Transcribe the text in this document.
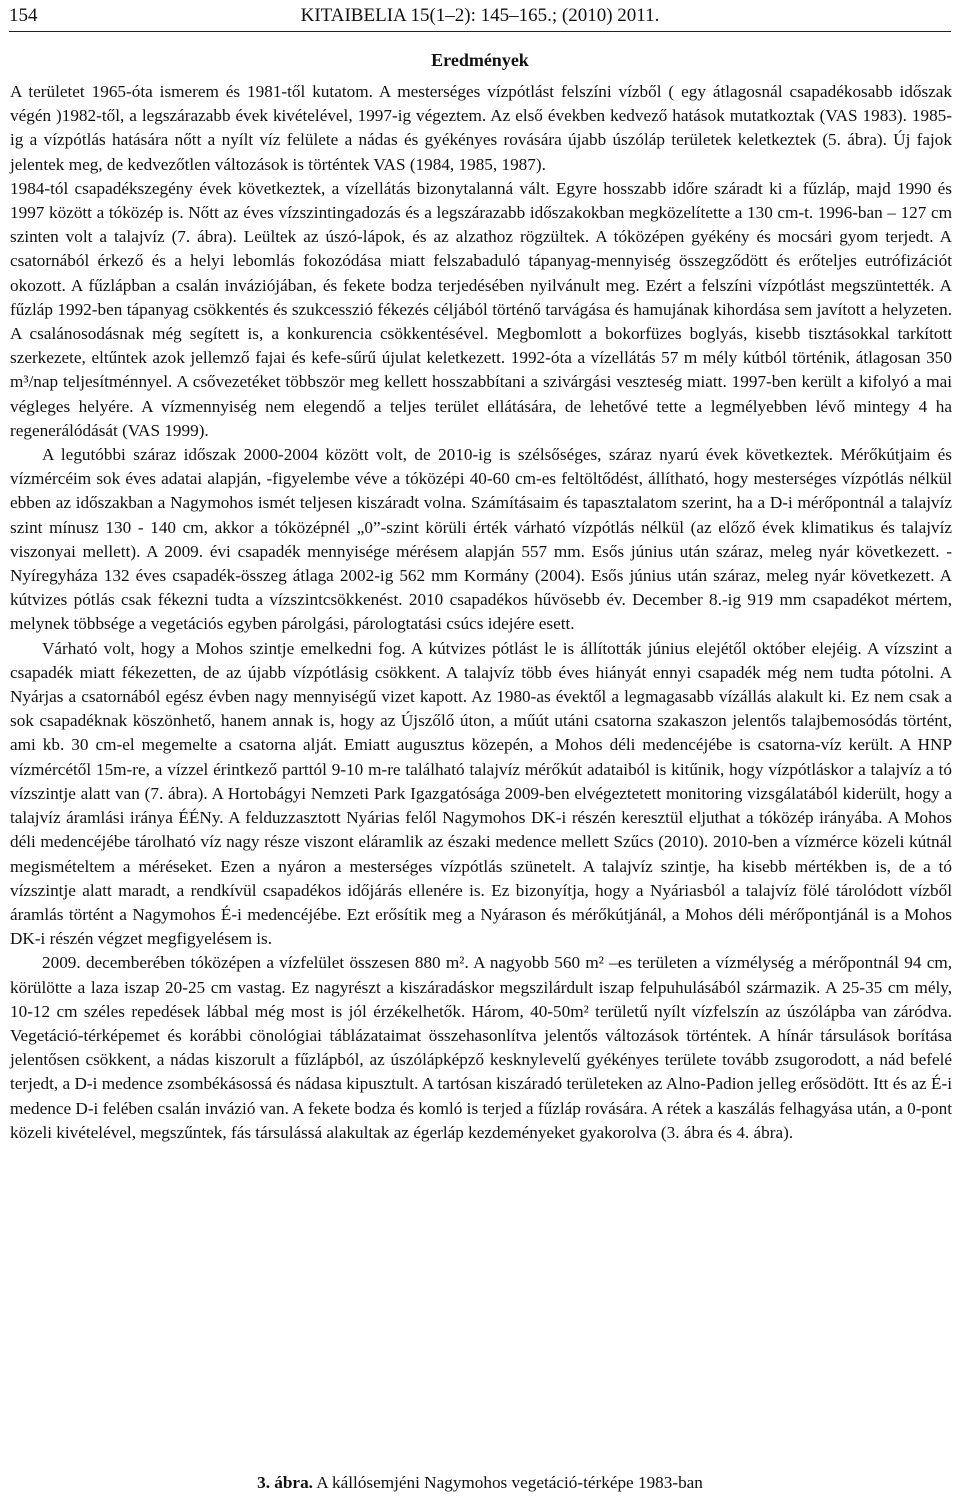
154	KITAIBELIA 15(1–2): 145–165.; (2010) 2011.
Eredmények

A területet 1965-óta ismerem és 1981-től kutatom. A mesterséges vízpótlást felszíni vízből ( egy átlagosnál csapadékosabb időszak végén )1982-től, a legszárazabb évek kivételével, 1997-ig végeztem. Az első években kedvező hatások mutatkoztak (VAS 1983). 1985-ig a vízpótlás hatására nőtt a nyílt víz felülete a nádas és gyékényes rovására újabb úszóláp területek keletkeztek (5. ábra). Új fajok jelentek meg, de kedvezőtlen változások is történtek VAS (1984, 1985, 1987).

1984-tól csapadékszegény évek következtek, a vízellátás bizonytalanná vált. Egyre hosszabb időre száradt ki a fűzláp, majd 1990 és 1997 között a tóközép is. Nőtt az éves vízszintingadozás és a legszárazabb időszakokban megközelítette a 130 cm-t. 1996-ban – 127 cm szinten volt a talajvíz (7. ábra). Leültek az úszó-lápok, és az alzathoz rögzültek. A tóközépen gyékény és mocsári gyom terjedt. A csatornából érkező és a helyi lebomlás fokozódása miatt felszabaduló tápanyag-mennyiség összegződött és erőteljes eutrófizációt okozott. A fűzlápban a csalán inváziójában, és fekete bodza terjedésében nyilvánult meg. Ezért a felszíni vízpótlást megszüntették. A fűzláp 1992-ben tápanyag csökkentés és szukcesszió fékezés céljából történő tarvágása és hamujának kihordása sem javított a helyzeten. A csalánosodásnak még segített is, a konkurencia csökkentésével. Megbomlott a bokorfüzes boglyás, kisebb tisztásokkal tarkított szerkezete, eltűntek azok jellemző fajai és kefe-sűrű újulat keletkezett. 1992-óta a vízellátás 57 m mély kútból történik, átlagosan 350 m³/nap teljesítménnyel. A csővezetéket többször meg kellett hosszabbítani a szivárgási veszteség miatt. 1997-ben került a kifolyó a mai végleges helyére. A vízmennyiség nem elegendő a teljes terület ellátására, de lehetővé tette a legmélyebben lévő mintegy 4 ha regenerálódását (VAS 1999).

A legutóbbi száraz időszak 2000-2004 között volt, de 2010-ig is szélsőséges, száraz nyarú évek következtek. Mérőkútjaim és vízmércéim sok éves adatai alapján, -figyelembe véve a tóközépi 40-60 cm-es feltöltődést, állítható, hogy mesterséges vízpótlás nélkül ebben az időszakban a Nagymohos ismét teljesen kiszáradt volna. Számításaim és tapasztalatom szerint, ha a D-i mérőpontnál a talajvíz szint mínusz 130 - 140 cm, akkor a tóközépnél „0”-szint körüli érték várható vízpótlás nélkül (az előző évek klimatikus és talajvíz viszonyai mellett). A 2009. évi csapadék mennyisége mérésem alapján 557 mm. Esős június után száraz, meleg nyár következett. - Nyíregyháza 132 éves csapadék-összeg átlaga 2002-ig 562 mm Kormány (2004). Esős június után száraz, meleg nyár következett. A kútvizes pótlás csak fékezni tudta a vízszintcsökkenést. 2010 csapadékos hűvösebb év. December 8.-ig 919 mm csapadékot mértem, melynek többsége a vegetációs egyben párolgási, párologtatási csúcs idejére esett.

Várható volt, hogy a Mohos szintje emelkedni fog. A kútvizes pótlást le is állították június elejétől október elejéig. A vízszint a csapadék miatt fékezetten, de az újabb vízpótlásig csökkent. A talajvíz több éves hiányát ennyi csapadék még nem tudta pótolni. A Nyárjas a csatornából egész évben nagy mennyiségű vizet kapott. Az 1980-as évektől a legmagasabb vízállás alakult ki. Ez nem csak a sok csapadéknak köszönhető, hanem annak is, hogy az Újszőlő úton, a műút utáni csatorna szakaszon jelentős talajbemosódás történt, ami kb. 30 cm-el megemelte a csatorna alját. Emiatt augusztus közepén, a Mohos déli medencéjébe is csatorna-víz került. A HNP vízmércétől 15m-re, a vízzel érintkező parttól 9-10 m-re található talajvíz mérőkút adataiból is kitűnik, hogy vízpótláskor a talajvíz a tó vízszintje alatt van (7. ábra). A Hortobágyi Nemzeti Park Igazgatósága 2009-ben elvégeztetett monitoring vizsgálatából kiderült, hogy a talajvíz áramlási iránya ÉÉNy. A felduzzasztott Nyárias felől Nagymohos DK-i részén keresztül eljuthat a tóközép irányába. A Mohos déli medencéjébe tárolható víz nagy része viszont eláramlik az északi medence mellett Szűcs (2010). 2010-ben a vízmérce közeli kútnál megismételtem a méréseket. Ezen a nyáron a mesterséges vízpótlás szünetelt. A talajvíz szintje, ha kisebb mértékben is, de a tó vízszintje alatt maradt, a rendkívül csapadékos időjárás ellenére is. Ez bizonyítja, hogy a Nyáriasból a talajvíz fölé tárolódott vízből áramlás történt a Nagymohos É-i medencéjébe. Ezt erősítik meg a Nyárason és mérőkútjánál, a Mohos déli mérőpontjánál is a Mohos DK-i részén végzet megfigyelésem is.

2009. decemberében tóközépen a vízfelület összesen 880 m². A nagyobb 560 m² –es területen a vízmélység a mérőpontnál 94 cm, körülötte a laza iszap 20-25 cm vastag. Ez nagyrészt a kiszáradáskor megszilárdult iszap felpuhulásából származik. A 25-35 cm mély, 10-12 cm széles repedések lábbal még most is jól érzékelhetők. Három, 40-50m² területű nyílt vízfelszín az úszólápba van záródva. Vegetáció-térképemet és korábbi cönológiai táblázataimat összehasonlítva jelentős változások történtek. A hínár társulások borítása jelentősen csökkent, a nádas kiszorult a fűzlápból, az úszólápképző kesknylevelű gyékényes területe tovább zsugorodott, a nád befelé terjedt, a D-i medence zsombékásossá és nádasa kipusztult. A tartósan kiszáradó területeken az Alno-Padion jelleg erősödött. Itt és az É-i medence D-i felében csalán invázió van. A fekete bodza és komló is terjed a fűzláp rovására. A rétek a kaszálás felhagyása után, a 0-pont közeli kivételével, megszűntek, fás társulássá alakultak az égerláp kezdeményeket gyakorolva (3. ábra és 4. ábra).

3. ábra. A kállósemjéni Nagymohos vegetáció-térképe 1983-ban
